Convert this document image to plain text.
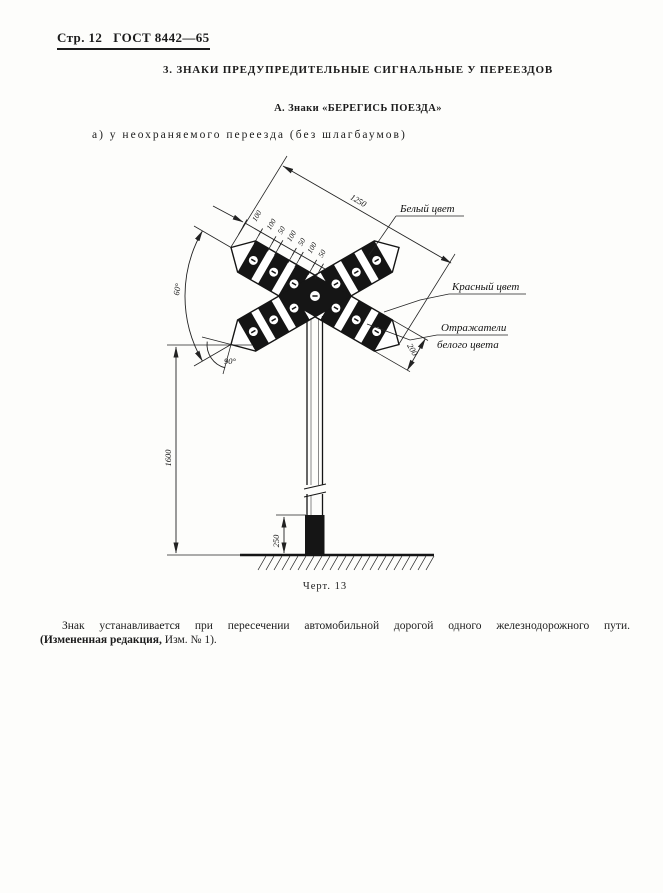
Стр. 12 ГОСТ 8442—65
3. ЗНАКИ ПРЕДУПРЕДИТЕЛЬНЫЕ СИГНАЛЬНЫЕ У ПЕРЕЕЗДОВ
А. Знаки «БЕРЕГИСЬ ПОЕЗДА»
а) у неохраняемого переезда (без шлагбаумов)
1250
100
100
50
100
50
100
50
60°
90°
200
1600
250
Белый цвет
Красный цвет
Отражатели
белого цвета
Черт. 13
Знак устанавливается при пересечении автомобильной дорогой одного железнодорожного пути.
(Измененная редакция, Изм. № 1).
